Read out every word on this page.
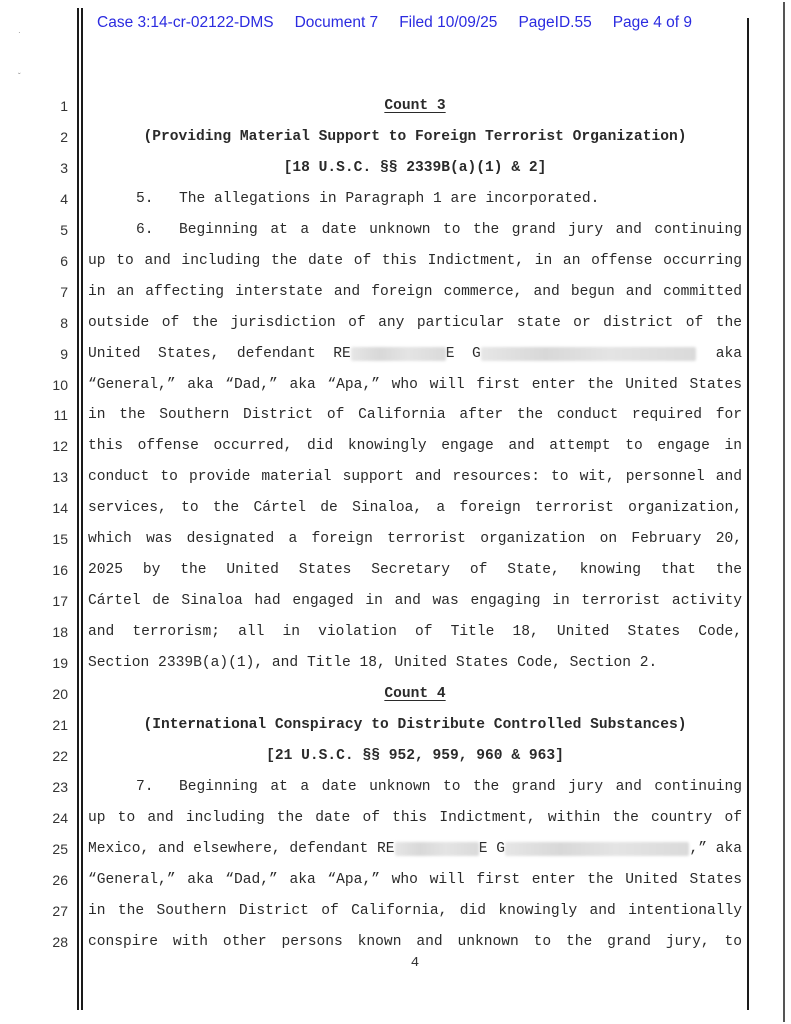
Case 3:14-cr-02122-DMS Document 7 Filed 10/09/25 PageID.55 Page 4 of 9
·
ˇ
1
2
3
4
5
6
7
8
9
10
11
12
13
14
15
16
17
18
19
20
21
22
23
24
25
26
27
28
Count 3
(Providing Material Support to Foreign Terrorist Organization)
[18 U.S.C. §§ 2339B(a)(1) & 2]
5. The allegations in Paragraph 1 are incorporated.
6. Beginning at a date unknown to the grand jury and continuing
up to and including the date of this Indictment, in an offense occurring
in an affecting interstate and foreign commerce, and begun and committed
outside of the jurisdiction of any particular state or district of the
United  States,  defendant  RE	E  G	aka
“General,” aka “Dad,” aka “Apa,” who will first enter the United States
in the Southern District of California after the conduct required for
this offense occurred, did knowingly engage and attempt to engage in
conduct to provide material support and resources: to wit, personnel and
services, to the Cártel de Sinaloa, a foreign terrorist organization,
which was designated a foreign terrorist organization on February 20,
2025 by the United States Secretary of State, knowing that the
Cártel de Sinaloa had engaged in and was engaging in terrorist activity
and terrorism; all in violation of Title 18, United States Code,
Section 2339B(a)(1), and Title 18, United States Code, Section 2.
Count 4
(International Conspiracy to Distribute Controlled Substances)
[21 U.S.C. §§ 952, 959, 960 & 963]
7. Beginning at a date unknown to the grand jury and continuing
up to and including the date of this Indictment, within the country of
Mexico, and elsewhere, defendant RE	E G	,” aka
“General,” aka “Dad,” aka “Apa,” who will first enter the United States
in the Southern District of California, did knowingly and intentionally
conspire with other persons known and unknown to the grand jury, to
4
